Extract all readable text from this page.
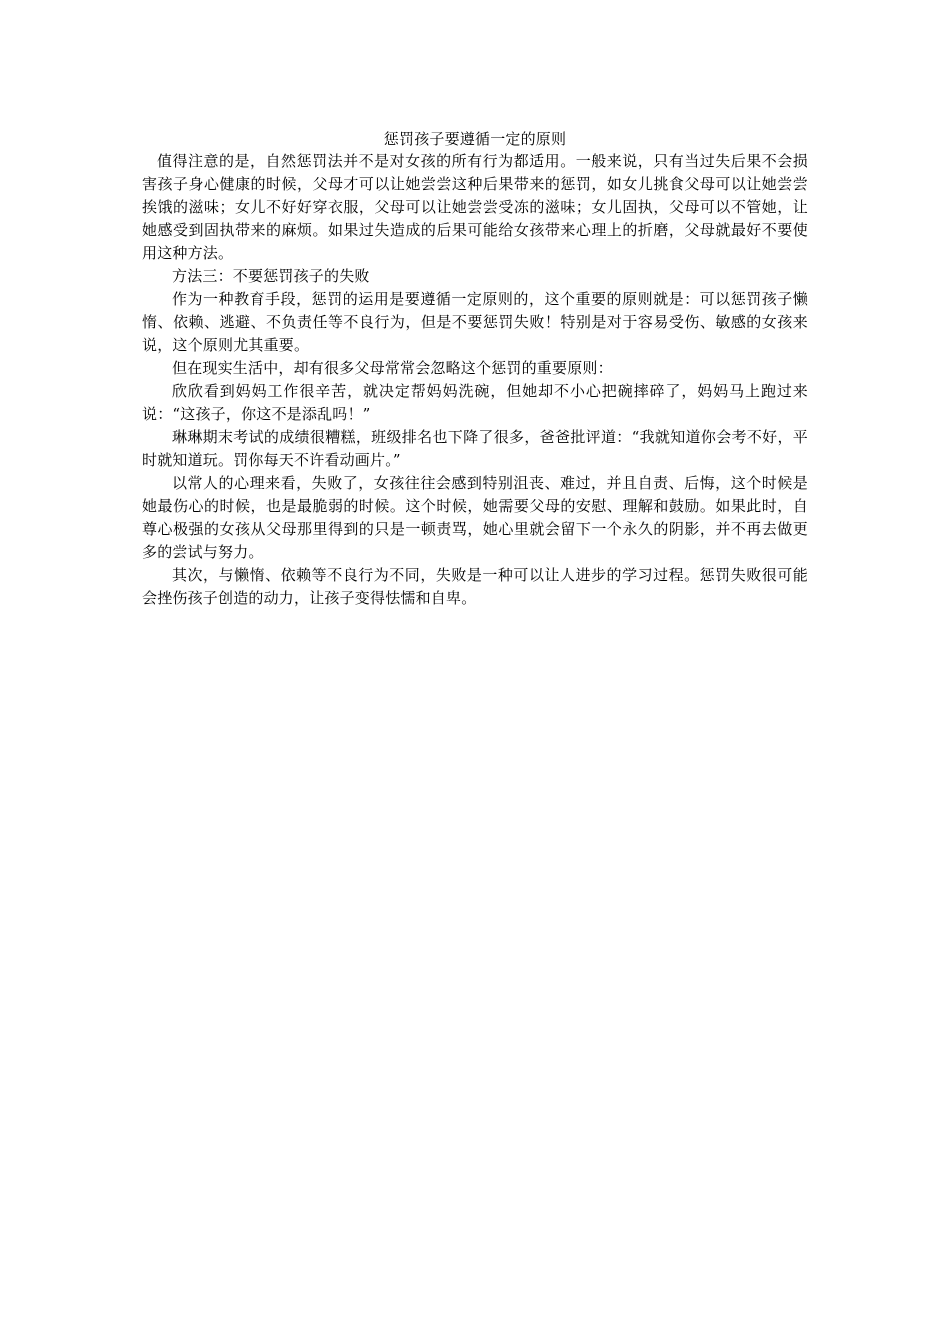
惩罚孩子要遵循一定的原则

值得注意的是，自然惩罚法并不是对女孩的所有行为都适用。一般来说，只有当过失后果不会损害孩子身心健康的时候，父母才可以让她尝尝这种后果带来的惩罚，如女儿挑食父母可以让她尝尝挨饿的滋味；女儿不好好穿衣服，父母可以让她尝尝受冻的滋味；女儿固执，父母可以不管她，让她感受到固执带来的麻烦。如果过失造成的后果可能给女孩带来心理上的折磨，父母就最好不要使用这种方法。

方法三：不要惩罚孩子的失败

作为一种教育手段，惩罚的运用是要遵循一定原则的，这个重要的原则就是：可以惩罚孩子懒惰、依赖、逃避、不负责任等不良行为，但是不要惩罚失败！特别是对于容易受伤、敏感的女孩来说，这个原则尤其重要。

但在现实生活中，却有很多父母常常会忽略这个惩罚的重要原则：

欣欣看到妈妈工作很辛苦，就决定帮妈妈洗碗，但她却不小心把碗摔碎了，妈妈马上跑过来说：“这孩子，你这不是添乱吗！”

琳琳期末考试的成绩很糟糕，班级排名也下降了很多，爸爸批评道：“我就知道你会考不好，平时就知道玩。罚你每天不许看动画片。”

以常人的心理来看，失败了，女孩往往会感到特别沮丧、难过，并且自责、后悔，这个时候是她最伤心的时候，也是最脆弱的时候。这个时候，她需要父母的安慰、理解和鼓励。如果此时，自尊心极强的女孩从父母那里得到的只是一顿责骂，她心里就会留下一个永久的阴影，并不再去做更多的尝试与努力。

其次，与懒惰、依赖等不良行为不同，失败是一种可以让人进步的学习过程。惩罚失败很可能会挫伤孩子创造的动力，让孩子变得怯懦和自卑。
